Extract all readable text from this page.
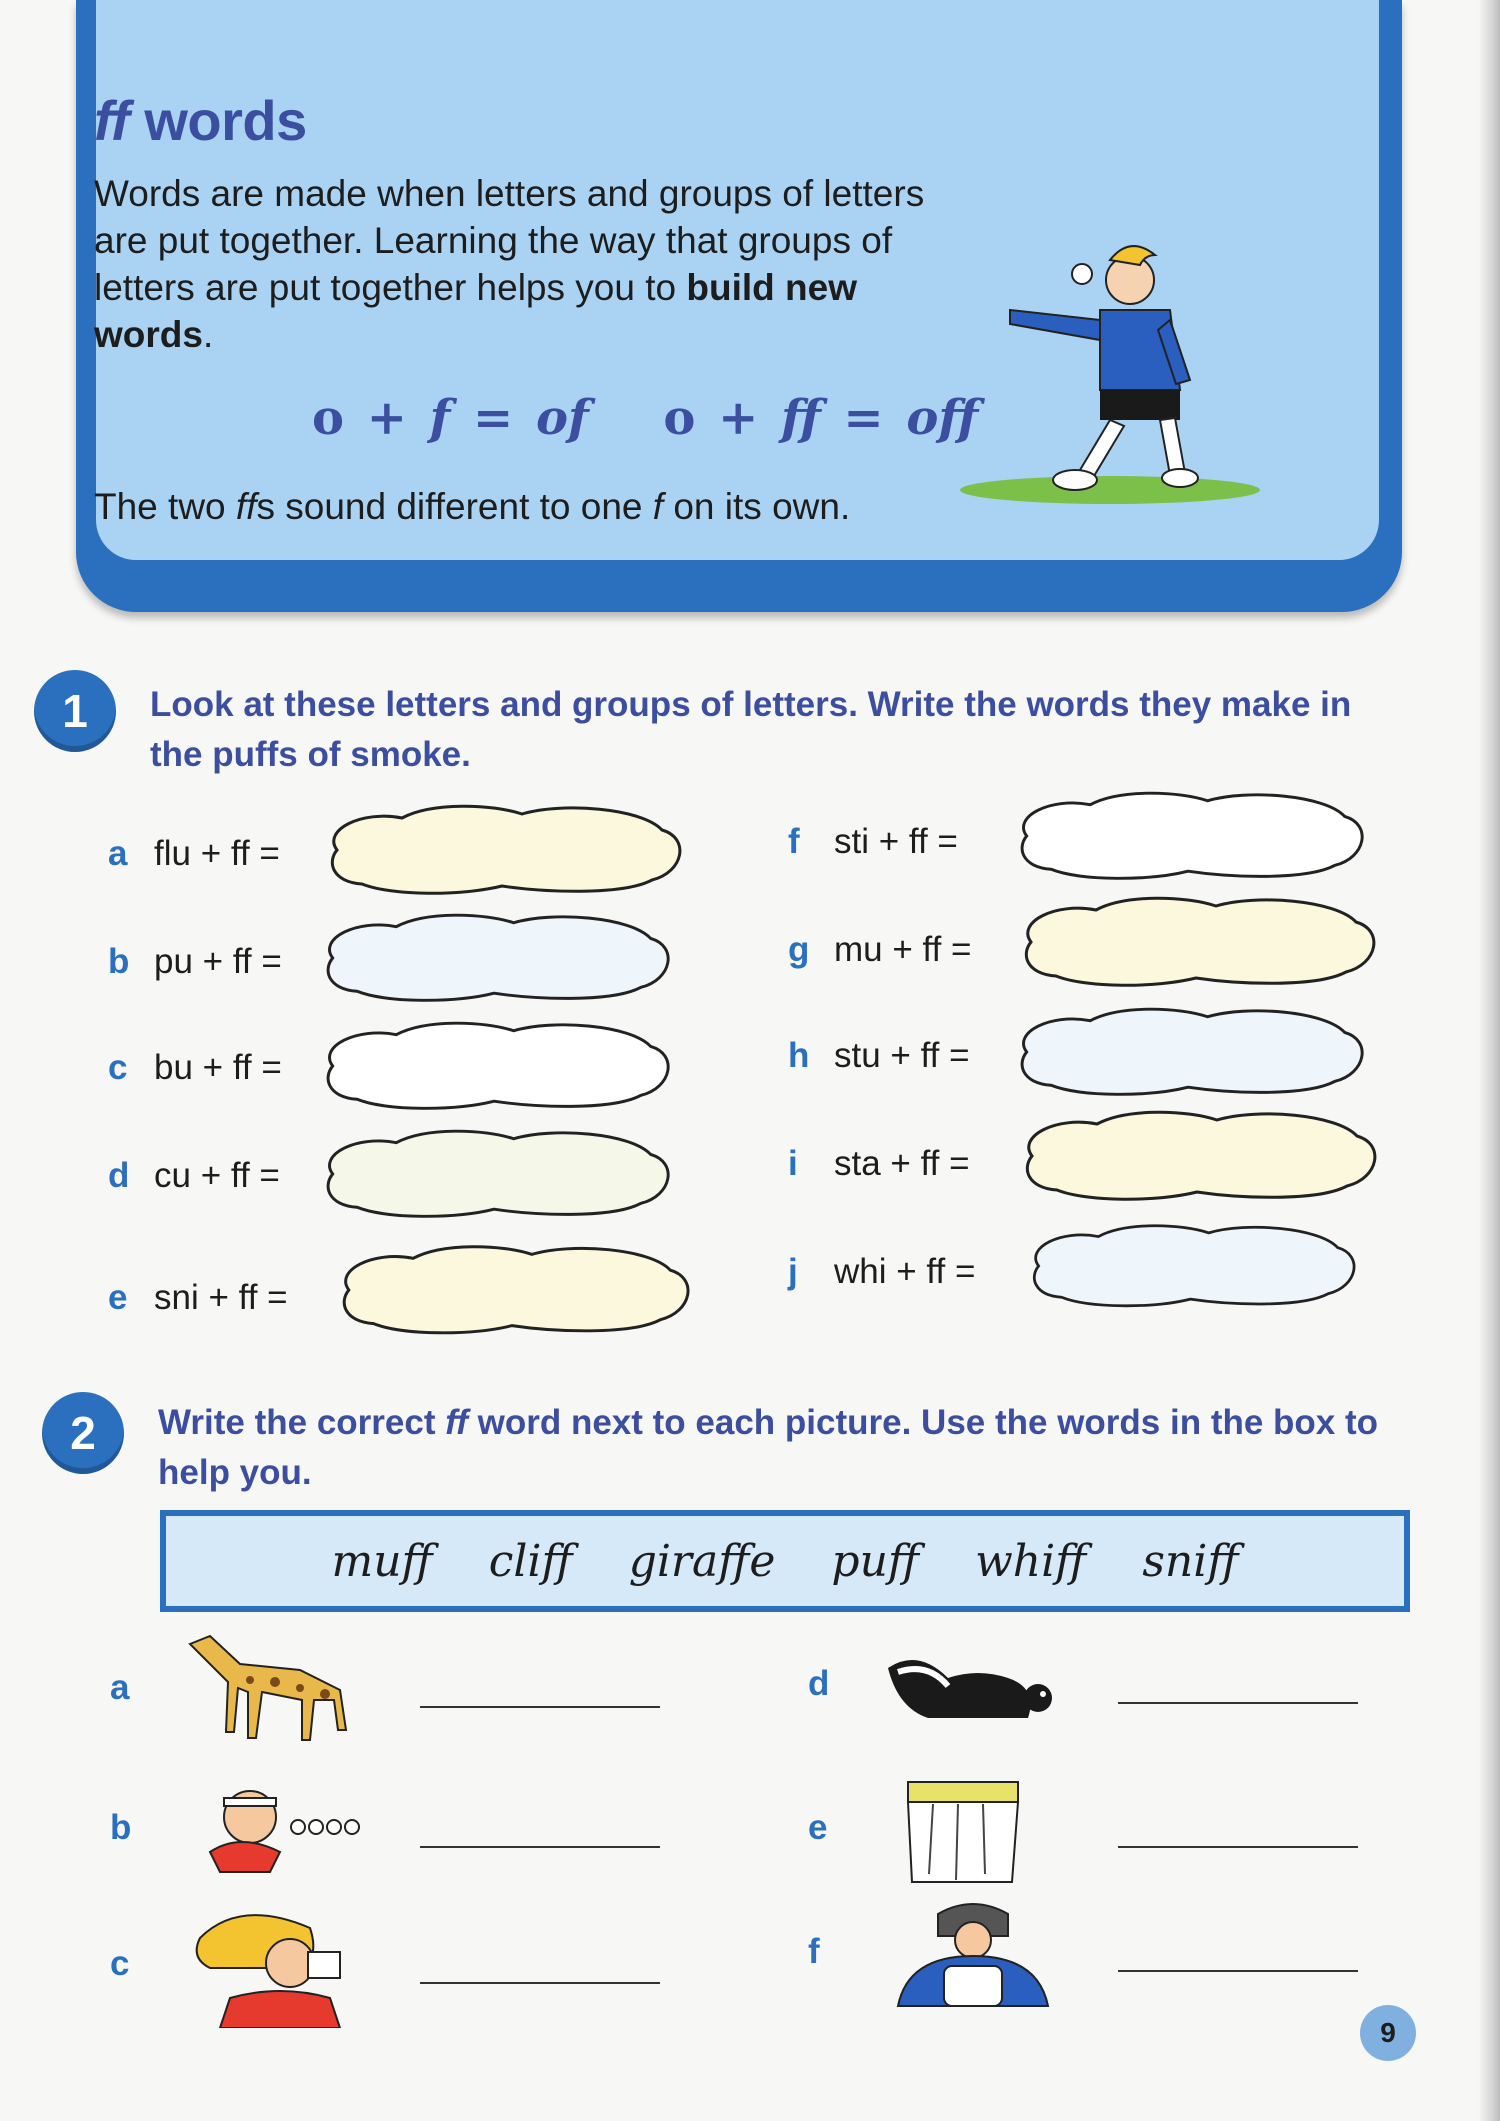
ff words
Words are made when letters and groups of letters are put together. Learning the way that groups of letters are put together helps you to build new words.
o + f = of o + ff = off
The two ffs sound different to one f on its own.
1	Look at these letters and groups of letters. Write the words they make in the puffs of smoke.
a flu + ff =
b pu + ff =
c bu + ff =
d cu + ff =
e sni + ff =
f sti + ff =
g mu + ff =
h stu + ff =
i	sta + ff =
j	whi + ff =
2	Write the correct ff word next to each picture. Use the words in the box to help you.
muff cliff giraffe puff whiff sniff
a
b
c
d
e
f
9
